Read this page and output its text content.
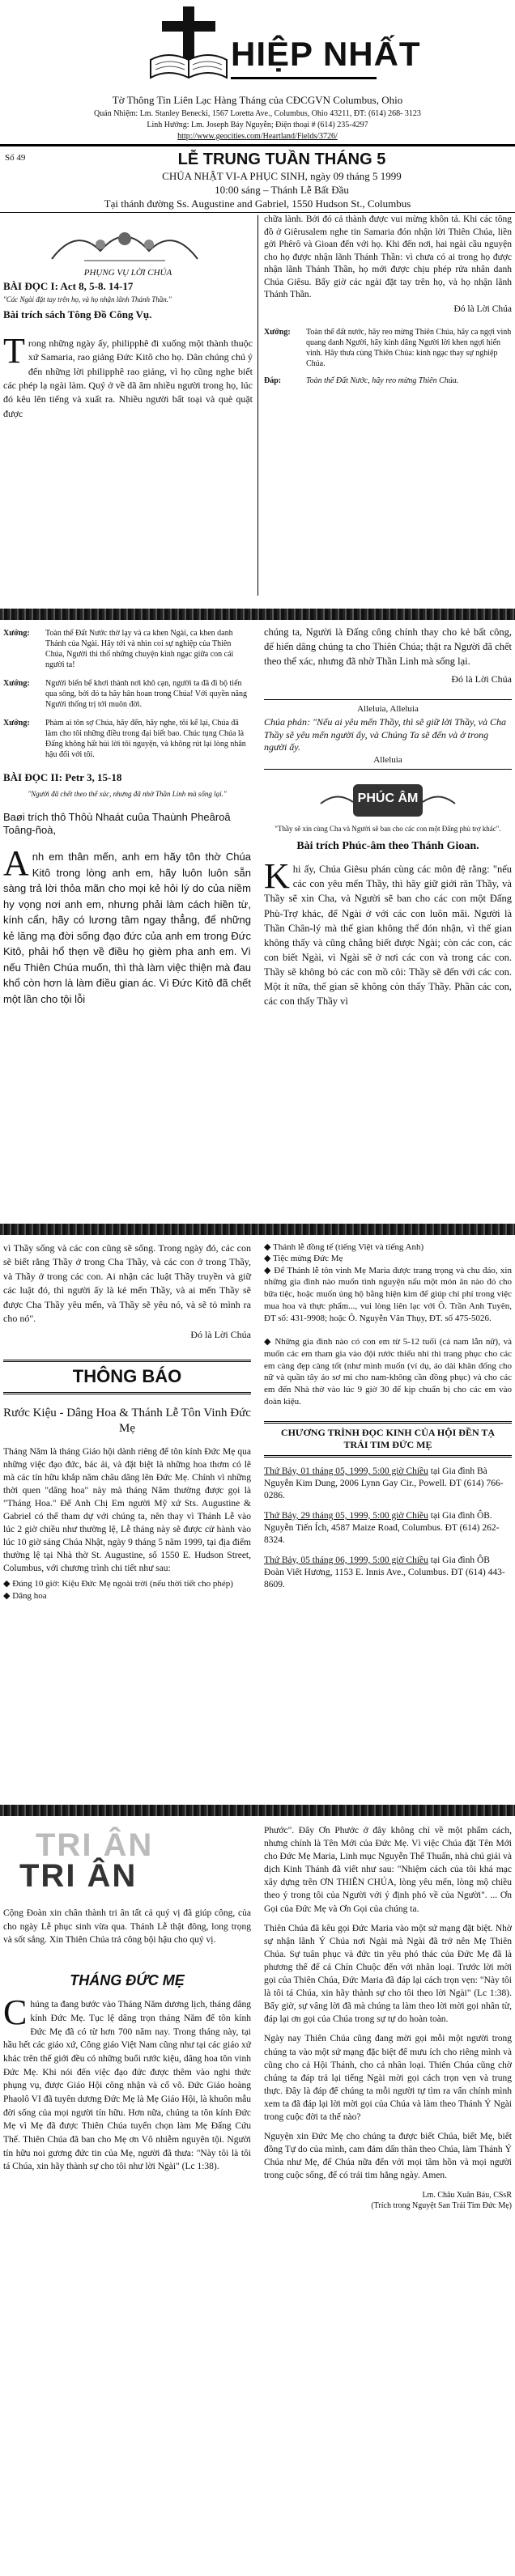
HIỆP NHẤT
Tờ Thông Tin Liên Lạc Hàng Tháng của CĐCGVN Columbus, Ohio
Quản Nhiệm: Lm. Stanley Benecki, 1567 Loretta Ave., Columbus, Ohio 43211, ĐT: (614) 268- 3123
Linh Hướng: Lm. Joseph Bảy Nguyễn; Điện thoại # (614) 235-4297
http://www.geocities.com/Heartland/Fields/3726/
Số 49	LỄ TRUNG TUẦN THÁNG 5
CHÚA NHẬT VI-A PHỤC SINH, ngày 09 tháng 5 1999
10:00 sáng – Thánh Lễ Bất Đầu
Tại thánh đường Ss. Augustine and Gabriel, 1550 Hudson St., Columbus
PHỤNG VỤ LỜI CHÚA
BÀI ĐỌC I: Act 8, 5-8. 14-17
"Các Ngài đặt tay trên họ, và họ nhận lãnh Thánh Thần."
Bài trích sách Tông Đồ Công Vụ.
Trong những ngày ấy, philipphê đi xuống một thành thuộc xứ Samaria, rao giảng Đức Kitô cho họ. Dân chúng chú ý đến những lời philipphê rao giảng, vì họ cũng nghe biết các phép lạ ngài làm. Quý ở về dã âm nhiều người trong họ, lúc đó kêu lên tiếng và xuất ra. Nhiều người bất toại và què quặt được
chữa lành. Bởi đó cả thành được vui mừng khôn tả. Khi các tông đồ ở Giêrusalem nghe tin Samaria đón nhận lời Thiên Chúa, liền gởi Phêrô và Gioan đến với họ. Khi đến nơi, hai ngài cầu nguyện cho họ được nhận lãnh Thánh Thần: vì chưa có ai trong họ được nhận lãnh Thánh Thần, họ mới được chịu phép rửa nhân danh Chúa Giêsu. Bấy giờ các ngài đặt tay trên họ, và họ nhận lãnh Thánh Thần.
Đó là Lời Chúa
Xướng:	Toàn thể đất nước, hãy reo mừng Thiên Chúa, hãy ca ngợi vinh quang danh Người, hãy kính dâng Người lời khen ngợi hiển vinh. Hãy thưa cùng Thiên Chúa: kinh ngạc thay sự nghiệp Chúa.
Đáp:	Toàn thể Đất Nước, hãy reo mừng Thiên Chúa.
Xướng:	Toàn thể Đất Nước thờ lạy và ca khen Ngài, ca khen danh Thánh của Ngài. Hãy tới và nhìn coi sự nghiệp của Thiên Chúa, Người thi thố những chuyện kinh ngạc giữa con cái người ta!
Xướng:	Người biến bể khơi thành nơi khô cạn, người ta đã đi bộ tiến qua sông, bởi đó ta hãy hân hoan trong Chúa! Với quyền năng Người thống trị tới muôn đời.
Xướng:	Phàm ai tôn sợ Chúa, hãy đến, hãy nghe, tôi kể lại, Chúa đã làm cho tôi những điều trong đại biết bao. Chúc tụng Chúa là Đấng không hất hủi lời tôi nguyện, và không rút lại lòng nhân hậu đối với tôi.
BÀI ĐỌC II: Petr 3, 15-18
"Người đã chết theo thể xác, nhưng đã nhờ Thần Linh mà sống lại."
Baøi trích thô Thôù Nhaát cuûa Thaùnh Pheâroâ Toâng-ñoà,
Anh em thân mến, anh em hãy tôn thờ Chúa Kitô trong lòng anh em, hãy luôn luôn sẵn sàng trả lời thỏa mãn cho mọi kẻ hỏi lý do của niềm hy vọng nơi anh em, nhưng phải làm cách hiền từ, kính cẩn, hãy có lương tâm ngay thẳng, để những kẻ lăng mạ đời sống đạo đức của anh em trong Đức Kitô, phải hổ thẹn về điều họ gièm pha anh em. Vì nếu Thiên Chúa muốn, thì thà làm việc thiện mà đau khổ còn hơn là làm điều gian ác. Vì Đức Kitô đã chết một lần cho tội lỗi
chúng ta, Người là Đấng công chính thay cho kẻ bất công, để hiến dâng chúng ta cho Thiên Chúa; thật ra Người đã chết theo thể xác, nhưng đã nhờ Thần Linh mà sống lại.
Đó là Lời Chúa
Alleluia, Alleluia
Chúa phán: "Nếu ai yêu mến Thầy, thì sẽ giữ lời Thầy, và Cha Thầy sẽ yêu mến người ấy, và Chúng Ta sẽ đến và ở trong người ấy.
Alleluia
PHÚC ÂM
"Thầy sẽ xin cùng Cha và Người sẽ ban cho các con một Đấng phù trợ khác".
Bài trích Phúc-âm theo Thánh Gioan.
Khi ấy, Chúa Giêsu phán cùng các môn đệ rằng: "nếu các con yêu mến Thầy, thì hãy giữ giới răn Thầy, và Thầy sẽ xin Cha, và Người sẽ ban cho các con một Đấng Phù-Trợ khác, để Ngài ở với các con luôn mãi. Người là Thần Chân-lý mà thế gian không thể đón nhận, vì thế gian không thấy và cũng chẳng biết được Ngài; còn các con, các con biết Ngài, vì Ngài sẽ ở nơi các con và trong các con. Thầy sẽ không bỏ các con mồ côi: Thầy sẽ đến với các con. Một ít nữa, thế gian sẽ không còn thấy Thầy. Phần các con, các con thấy Thầy vì
vì Thầy sống và các con cũng sẽ sống. Trong ngày đó, các con sẽ biết rằng Thầy ở trong Cha Thầy, và các con ở trong Thầy, và Thầy ở trong các con. Ai nhận các luật Thầy truyền và giữ các luật đó, thì người ấy là kẻ mến Thầy, và ai mến Thầy sẽ được Cha Thầy yêu mến, và Thầy sẽ yêu nó, và sẽ tỏ mình ra cho nó".
Đó là Lời Chúa
THÔNG BÁO
Rước Kiệu - Dâng Hoa & Thánh Lễ Tôn Vinh Đức Mẹ
Tháng Năm là tháng Giáo hội dành riêng để tôn kính Đức Mẹ qua những việc đạo đức, bác ái, và đặt biệt là những hoa thơm có lẽ mà các tín hữu khắp năm châu dâng lên Đức Mẹ. Chính vì những thời quen "dâng hoa" này mà tháng Năm thường được gọi là "Tháng Hoa." Để Anh Chị Em người Mỹ xứ Sts. Augustine & Gabriel có thể tham dự với chúng ta, nên thay vì Thánh Lễ vào lúc 2 giờ chiều như thường lệ, Lễ tháng này sẽ được cử hành vào lúc 10 giờ sáng Chúa Nhật, ngày 9 tháng 5 năm 1999, tại địa điểm thường lệ tại Nhà thờ St. Augustine, số 1550 E. Hudson Street, Columbus, với chương trình chi tiết như sau:
◆ Đúng 10 giờ: Kiệu Đức Mẹ ngoài trời (nếu thời tiết cho phép)
◆ Dâng hoa
◆ Thánh lễ đồng tế (tiếng Việt và tiếng Anh)
◆ Tiệc mừng Đức Mẹ
◆ Để Thánh lễ tôn vinh Mẹ Maria được trang trọng và chu đáo, xin những gia đình nào muốn tình nguyện nấu một món ăn nào đó cho bữa tiệc, hoặc muốn ủng hộ bằng hiện kim để giúp chi phí trong việc mua hoa và thực phẩm..., vui lòng liên lạc với Ô. Trần Anh Tuyên, ĐT số: 431-9908; hoặc Ô. Nguyễn Văn Thụy, ĐT. số 475-5026.
◆ Những gia đình nào có con em từ 5-12 tuổi (cả nam lẫn nữ), và muốn các em tham gia vào đội rước thiếu nhi thì trang phục cho các em càng đẹp càng tốt (như mình muốn (ví dụ, áo dài khăn đống cho nữ và quần tây áo sơ mi cho nam-không cần đồng phục) và cho các em đến Nhà thờ vào lúc 9 giờ 30 để kịp chuẩn bị cho các em vào đoàn kiệu.
CHƯƠNG TRÌNH ĐỌC KINH CỦA HỘI ĐỀN TẠ TRÁI TIM ĐỨC MẸ
Thứ Bảy, 01 tháng 05, 1999, 5:00 giờ Chiều tại Gia đình Bà Nguyễn Kim Dung, 2006 Lynn Gay Cir., Powell. ĐT (614) 766-0286.
Thứ Bảy, 29 tháng 05, 1999, 5:00 giờ Chiều tại Gia đình ÔB. Nguyễn Tiến Ích, 4587 Maize Road, Columbus. ĐT (614) 262-8324.
Thứ Bảy, 05 tháng 06, 1999, 5:00 giờ Chiều tại Gia đình ÔB Đoàn Viết Hương, 1153 E. Innis Ave., Columbus. ĐT (614) 443-8609.
TRI ÂN
TRI ÂN
Cộng Đoàn xin chân thành tri ân tất cả quý vị đã giúp công, của cho ngày Lễ phục sinh vừa qua. Thánh Lễ thật đông, long trọng và sốt sắng. Xin Thiên Chúa trả công bội hậu cho quý vị.
THÁNG ĐỨC MẸ
Chúng ta đang bước vào Tháng Năm dương lịch, tháng dâng kính Đức Mẹ. Tục lệ dâng trọn tháng Năm để tôn kính Đức Mẹ đã có từ hơn 700 năm nay. Trong tháng này, tại hầu hết các giáo xứ, Công giáo Việt Nam cũng như tại các giáo xứ khác trên thế giới đều có những buổi rước kiệu, dâng hoa tôn vinh Đức Mẹ. Khi nói đến việc đạo đức được thêm vào nghi thức phụng vụ, được Giáo Hội công nhận và cổ võ. Đức Giáo hoàng Phaolô VI đã tuyên dương Đức Mẹ là Mẹ Giáo Hội, là khuôn mẫu đời sống của mọi người tín hữu. Hơn nữa, chúng ta tôn kính Đức Mẹ vì Mẹ đã được Thiên Chúa tuyển chọn làm Mẹ Đấng Cứu Thế. Thiên Chúa đã ban cho Mẹ ơn Vô nhiễm nguyên tội. Người tín hữu noi gương đức tin của Mẹ, người đã thưa: "Này tôi là tôi tá Chúa, xin hãy thành sự cho tôi như lời Ngài" (Lc 1:38).
Phước". Đây Ơn Phước ở đây không chỉ về một phẩm cách, nhưng chính là Tên Mới của Đức Mẹ. Vì việc Chúa đặt Tên Mới cho Đức Mẹ Maria, Linh mục Nguyễn Thế Thuấn, nhà chú giải và dịch Kinh Thánh đã viết như sau: "Nhiệm cách của tôi khá mạc xây dựng trên ƠN THIÊN CHÚA, lòng yêu mến, lòng mộ chiều theo ý trong tôi của Người với ý định phó về của Người". ... Ơn Gọi của Đức Mẹ và Ơn Gọi của chúng ta.
Thiên Chúa đã kêu gọi Đức Maria vào một sứ mạng đặt biệt. Nhờ sự nhận lãnh Ý Chúa nơi Ngài mà Ngài đã trở nên Mẹ Thiên Chúa. Sự tuân phục và đức tin yêu phó thác của Đức Mẹ đã là phương thế để cả Chín Chuộc đến với nhân loại. Trước lời mời gọi của Thiên Chúa, Đức Maria đã đáp lại cách trọn vẹn: "Này tôi là tôi tá Chúa, xin hãy thành sự cho tôi theo lời Ngài" (Lc 1:38). Bấy giờ, sự vâng lời đã mà chúng ta làm theo lời mời gọi nhân từ, đáp lại ơn gọi của Chúa trong sự tự do hoàn toàn.
Ngày nay Thiên Chúa cũng đang mời gọi mỗi một người trong chúng ta vào một sứ mạng đặc biệt để mưu ích cho riêng mình và cũng cho cả Hội Thánh, cho cả nhân loại. Thiên Chúa cũng chờ chúng ta đáp trả lại tiếng Ngài mời gọi cách trọn vẹn và trung thực. Đây là đáp để chúng ta mỗi người tự tìm ra vấn chính mình xem ta đã đáp lại lời mời gọi của Chúa và làm theo Thánh Ý Ngài trong cuộc đời ta thế nào?
Nguyện xin Đức Mẹ cho chúng ta được biết Chúa, biết Mẹ, biết đồng Tự do của mình, cam đảm dấn thân theo Chúa, làm Thánh Ý Chúa như Mẹ, để Chúa nữa đến với mọi tâm hồn và mọi người trong cuộc sống, để có trái tim hằng ngày. Amen.
Lm. Châu Xuân Báu, CSsR
(Trích trong Nguyệt San Trái Tim Đức Mẹ)
